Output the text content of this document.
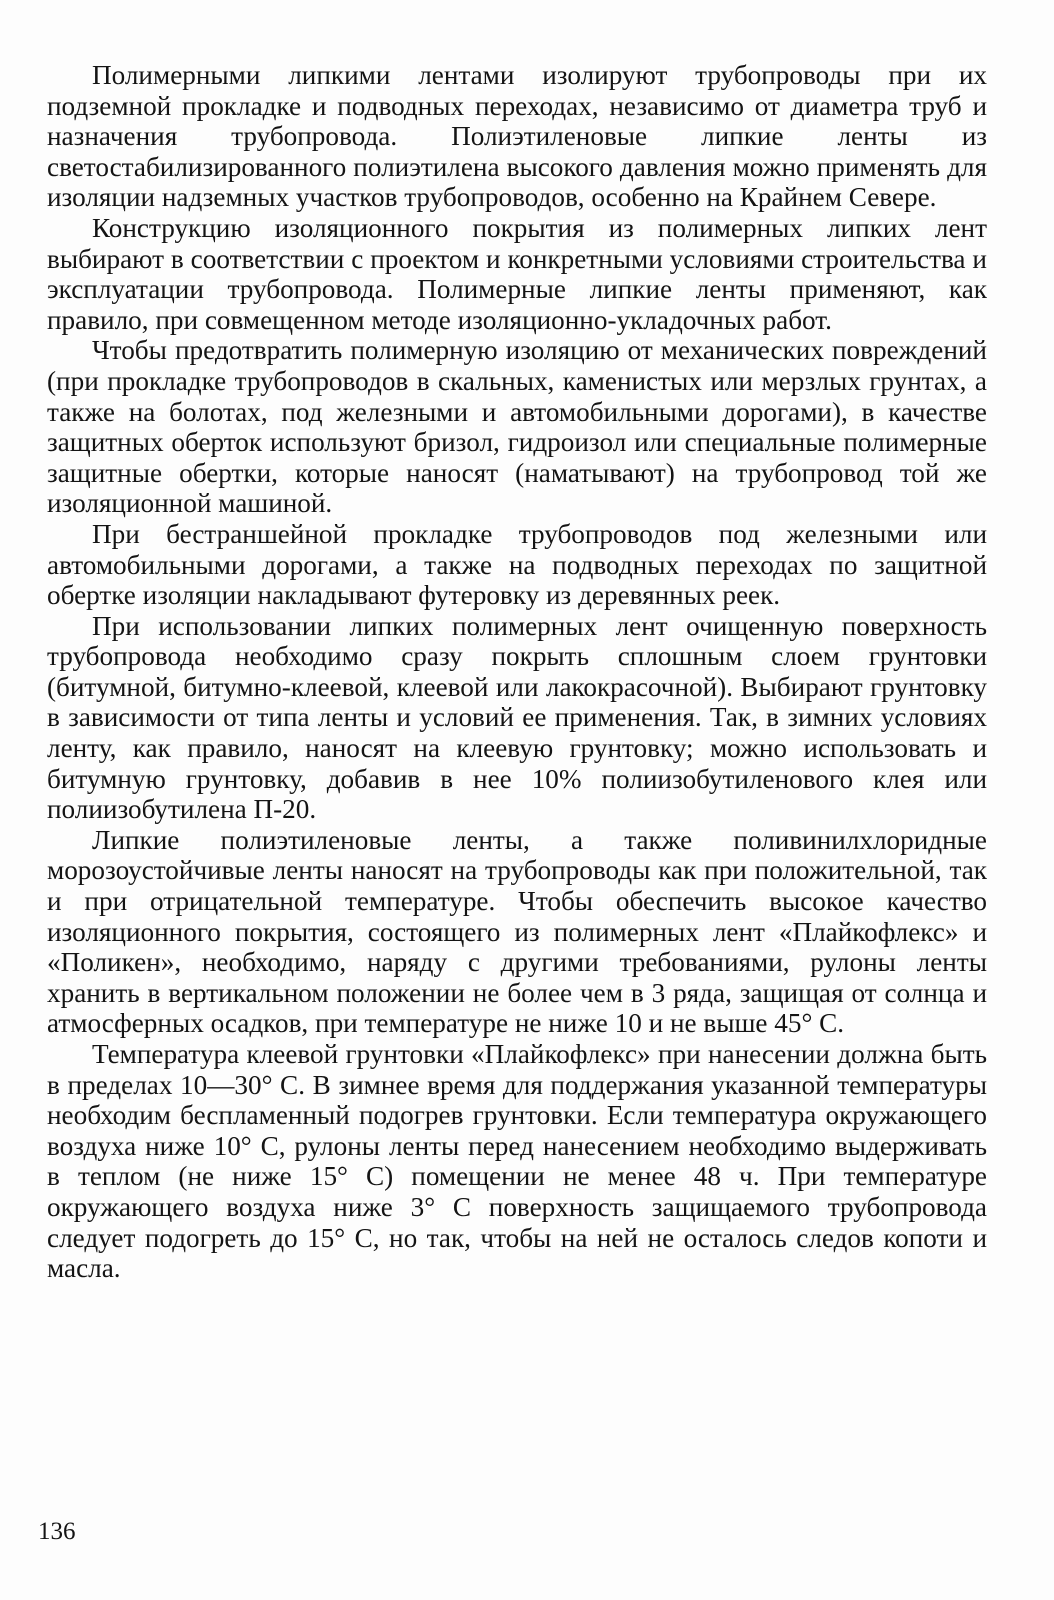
Полимерными липкими лентами изолируют трубопроводы при их подземной прокладке и подводных переходах, независимо от диаметра труб и назначения трубопровода. Полиэтиленовые липкие ленты из светостабилизированного полиэтилена высокого давления можно применять для изоляции надземных участков трубопроводов, особенно на Крайнем Севере.

Конструкцию изоляционного покрытия из полимерных липких лент выбирают в соответствии с проектом и конкретными условиями строительства и эксплуатации трубопровода. Полимерные липкие ленты применяют, как правило, при совмещенном методе изоляционно-укладочных работ.

Чтобы предотвратить полимерную изоляцию от механических повреждений (при прокладке трубопроводов в скальных, каменистых или мерзлых грунтах, а также на болотах, под железными и автомобильными дорогами), в качестве защитных оберток используют бризол, гидроизол или специальные полимерные защитные обертки, которые наносят (наматывают) на трубопровод той же изоляционной машиной.

При бестраншейной прокладке трубопроводов под железными или автомобильными дорогами, а также на подводных переходах по защитной обертке изоляции накладывают футеровку из деревянных реек.

При использовании липких полимерных лент очищенную поверхность трубопровода необходимо сразу покрыть сплошным слоем грунтовки (битумной, битумно-клеевой, клеевой или лакокрасочной). Выбирают грунтовку в зависимости от типа ленты и условий ее применения. Так, в зимних условиях ленту, как правило, наносят на клеевую грунтовку; можно использовать и битумную грунтовку, добавив в нее 10% полиизобутиленового клея или полиизобутилена П-20.

Липкие полиэтиленовые ленты, а также поливинилхлоридные морозоустойчивые ленты наносят на трубопроводы как при положительной, так и при отрицательной температуре. Чтобы обеспечить высокое качество изоляционного покрытия, состоящего из полимерных лент «Плайкофлекс» и «Поликен», необходимо, наряду с другими требованиями, рулоны ленты хранить в вертикальном положении не более чем в 3 ряда, защищая от солнца и атмосферных осадков, при температуре не ниже 10 и не выше 45° С.

Температура клеевой грунтовки «Плайкофлекс» при нанесении должна быть в пределах 10—30° С. В зимнее время для поддержания указанной температуры необходим беспламенный подогрев грунтовки. Если температура окружающего воздуха ниже 10° С, рулоны ленты перед нанесением необходимо выдерживать в теплом (не ниже 15° С) помещении не менее 48 ч. При температуре окружающего воздуха ниже 3° С поверхность защищаемого трубопровода следует подогреть до 15° С, но так, чтобы на ней не осталось следов копоти и масла.

136
